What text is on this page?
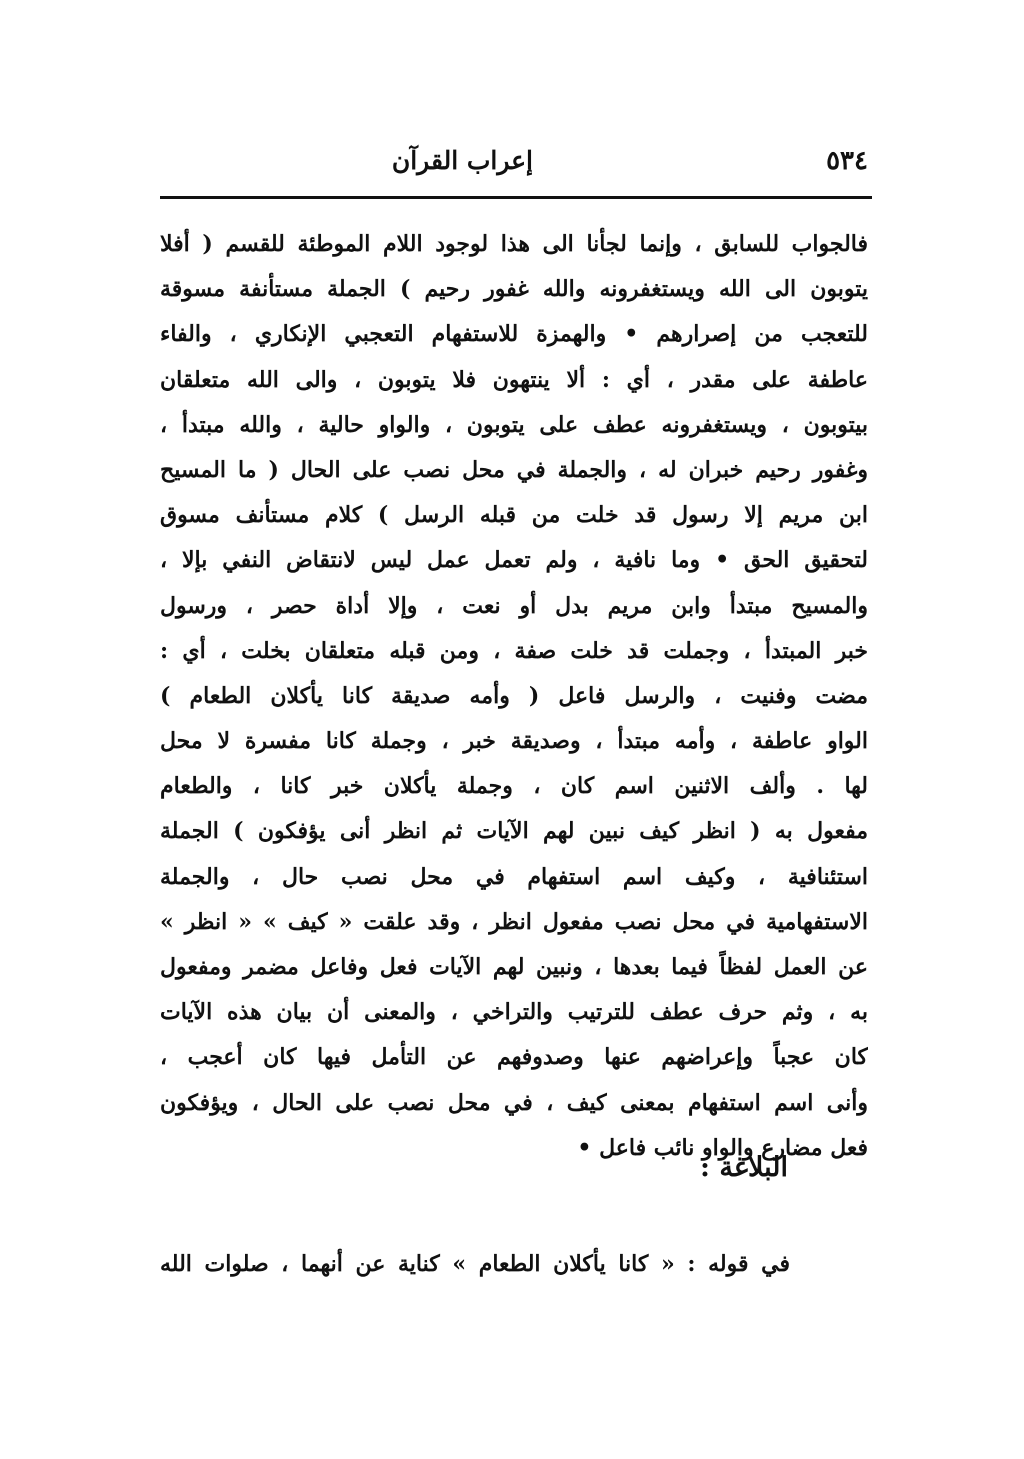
٥٣٤
إعراب القرآن
فالجواب للسابق ، وإنما لجأنا الى هذا لوجود اللام الموطئة للقسم ( أفلا
يتوبون الى الله ويستغفرونه والله غفور رحيم ) الجملة مستأنفة مسوقة
للتعجب من إصرارهم • والهمزة للاستفهام التعجبي الإنكاري ، والفاء
عاطفة على مقدر ، أي : ألا ينتهون فلا يتوبون ، والى الله متعلقان
بيتوبون ، ويستغفرونه عطف على يتوبون ، والواو حالية ، والله مبتدأ ،
وغفور رحيم خبران له ، والجملة في محل نصب على الحال ( ما المسيح
ابن مريم إلا رسول قد خلت من قبله الرسل ) كلام مستأنف مسوق
لتحقيق الحق • وما نافية ، ولم تعمل عمل ليس لانتقاض النفي بإلا ،
والمسيح مبتدأ وابن مريم بدل أو نعت ، وإلا أداة حصر ، ورسول
خبر المبتدأ ، وجملت قد خلت صفة ، ومن قبله متعلقان بخلت ، أي :
مضت وفنيت ، والرسل فاعل ( وأمه صديقة كانا يأكلان الطعام )
الواو عاطفة ، وأمه مبتدأ ، وصديقة خبر ، وجملة كانا مفسرة لا محل
لها . وألف الاثنين اسم كان ، وجملة يأكلان خبر كانا ، والطعام
مفعول به ( انظر كيف نبين لهم الآيات ثم انظر أنى يؤفكون ) الجملة
استئنافية ، وكيف اسم استفهام في محل نصب حال ، والجملة
الاستفهامية في محل نصب مفعول انظر ، وقد علقت « كيف » « انظر »
عن العمل لفظاً فيما بعدها ، ونبين لهم الآيات فعل وفاعل مضمر ومفعول
به ، وثم حرف عطف للترتيب والتراخي ، والمعنى أن بيان هذه الآيات
كان عجباً وإعراضهم عنها وصدوفهم عن التأمل فيها كان أعجب ،
وأنى اسم استفهام بمعنى كيف ، في محل نصب على الحال ، ويؤفكون
فعل مضارع والواو نائب فاعل •
البلاغة :
في قوله : « كانا يأكلان الطعام » كناية عن أنهما ، صلوات الله
